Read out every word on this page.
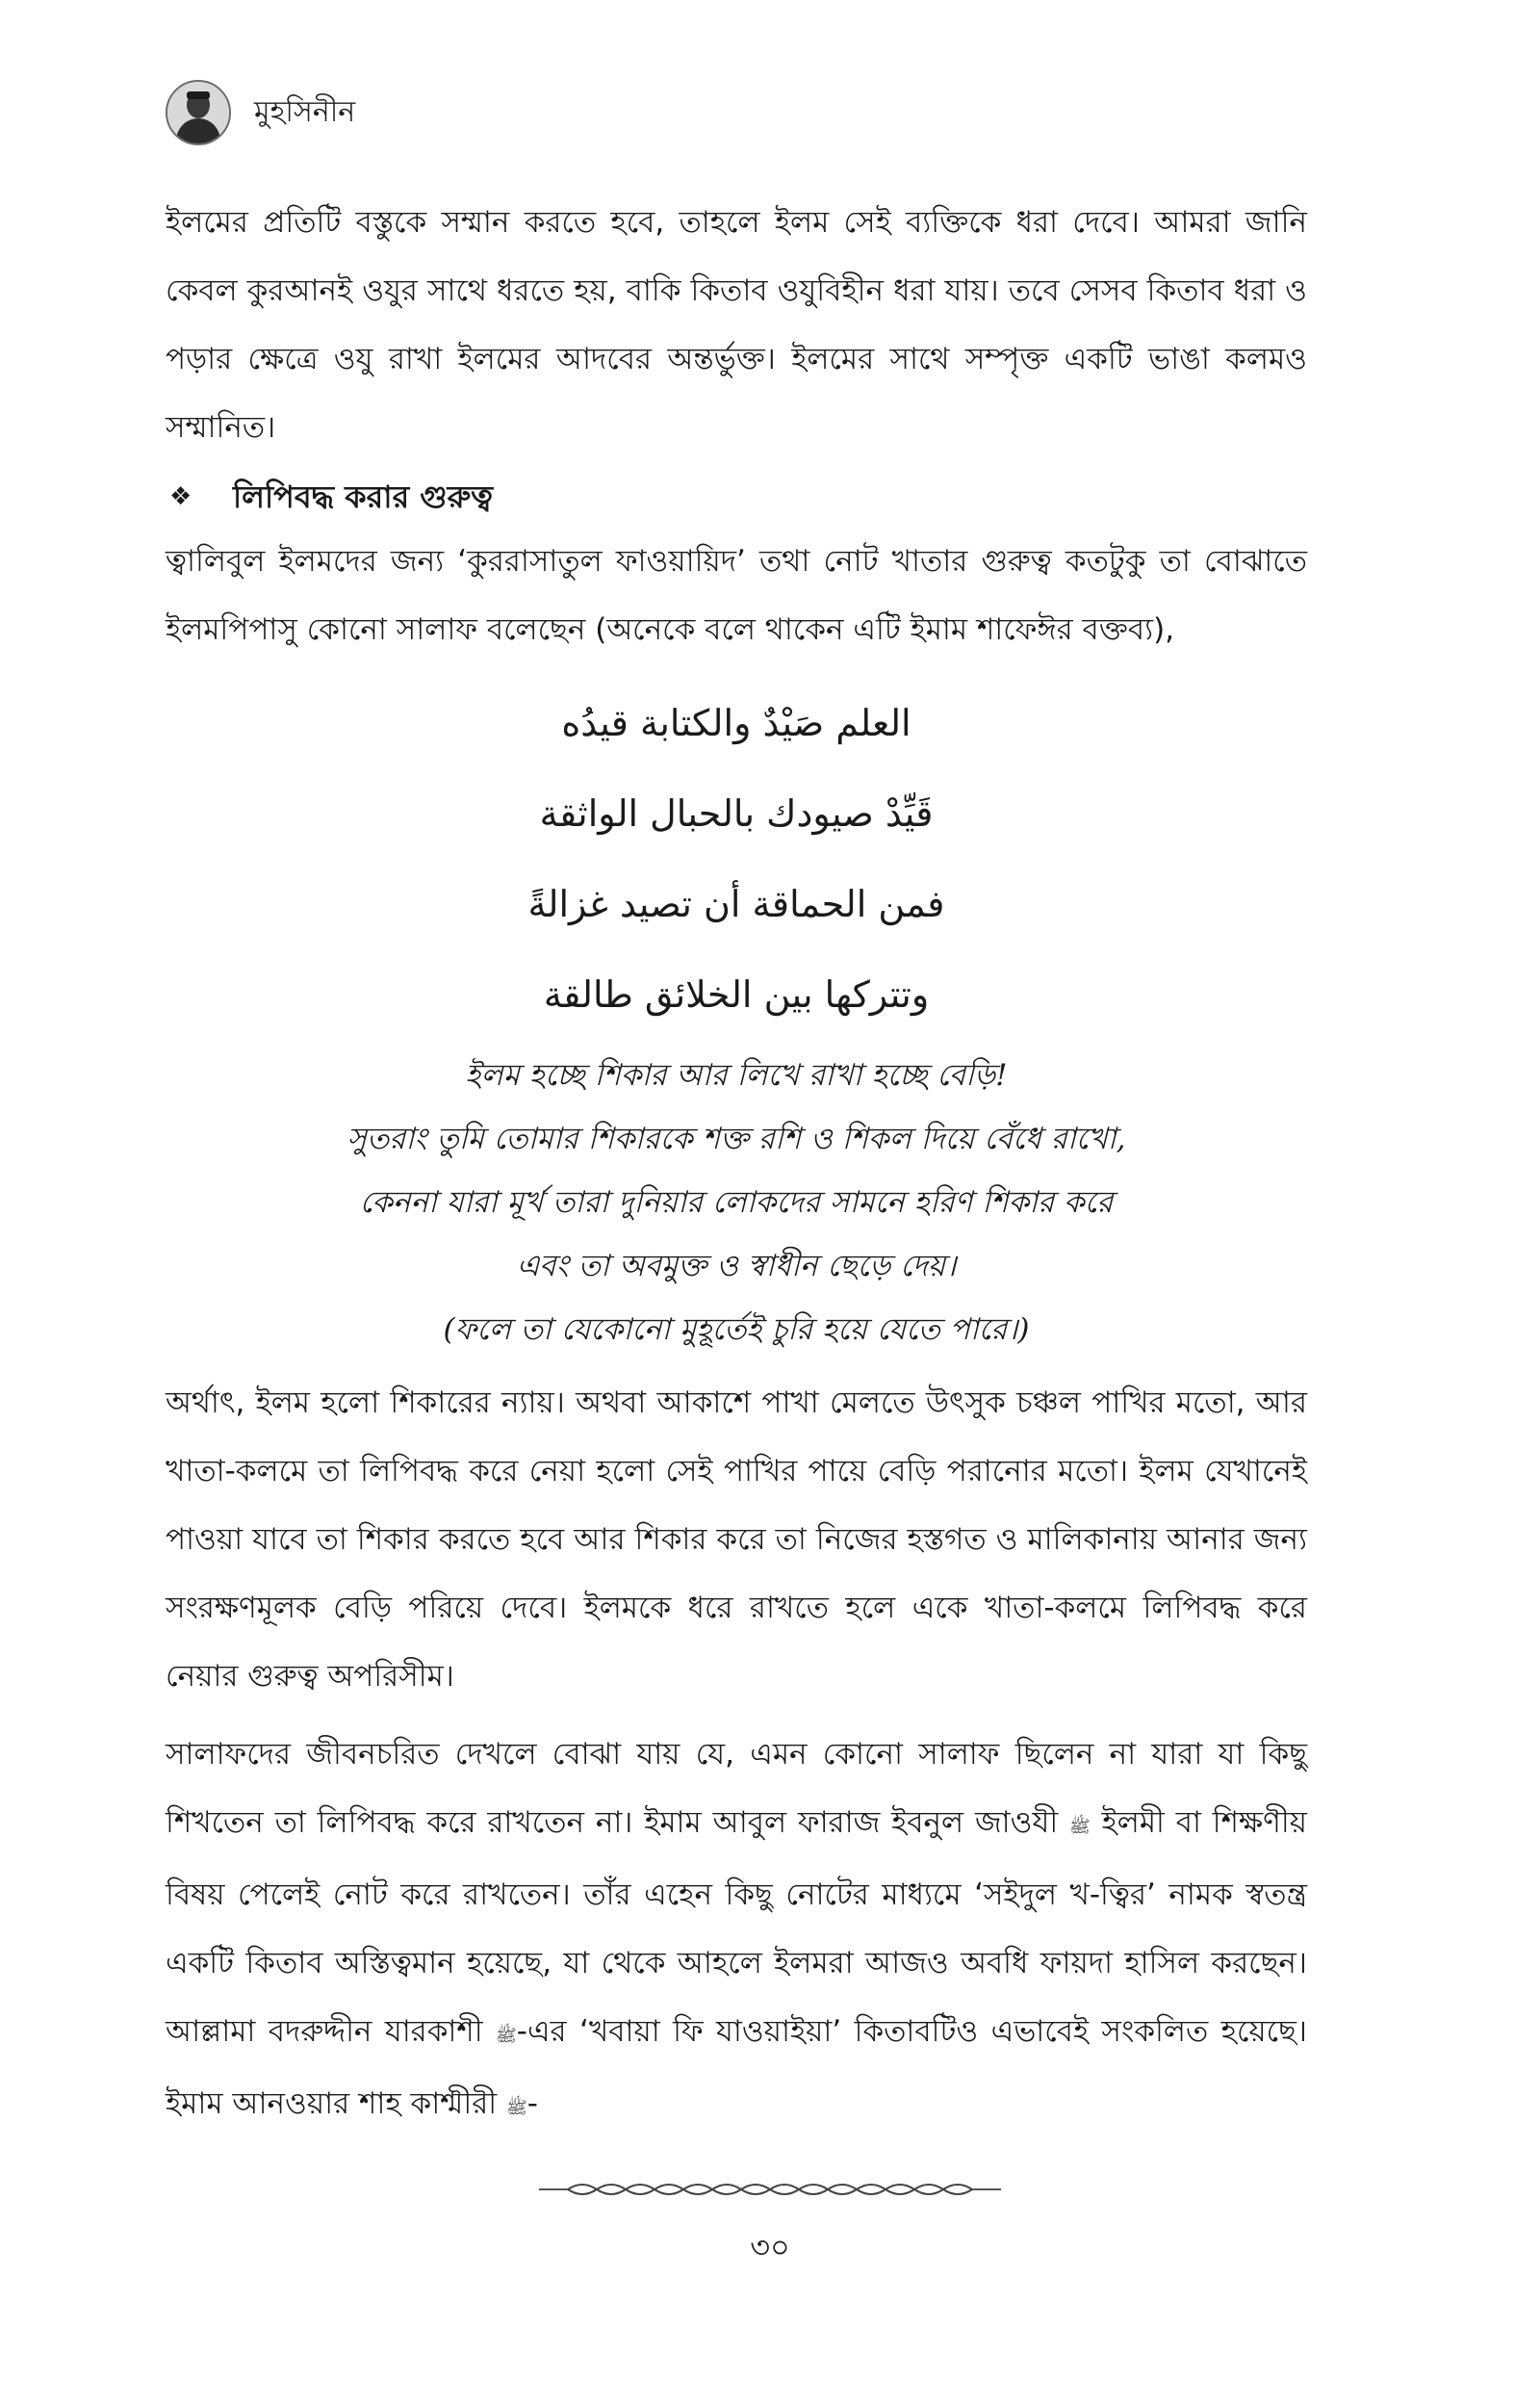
মুহসিনীন

ইলমের প্রতিটি বস্তুকে সম্মান করতে হবে, তাহলে ইলম সেই ব্যক্তিকে ধরা দেবে। আমরা জানি কেবল কুরআনই ওযুর সাথে ধরতে হয়, বাকি কিতাব ওযুবিহীন ধরা যায়। তবে সেসব কিতাব ধরা ও পড়ার ক্ষেত্রে ওযু রাখা ইলমের আদবের অন্তর্ভুক্ত। ইলমের সাথে সম্পৃক্ত একটি ভাঙা কলমও সম্মানিত।

❖ লিপিবদ্ধ করার গুরুত্ব

ত্বালিবুল ইলমদের জন্য ‘কুররাসাতুল ফাওয়ায়িদ’ তথা নোট খাতার গুরুত্ব কতটুকু তা বোঝাতে ইলমপিপাসু কোনো সালাফ বলেছেন (অনেকে বলে থাকেন এটি ইমাম শাফেঈর বক্তব্য),

العلم صَيْدٌ والكتابة قيدُه
قَيِّدْ صيودك بالحبال الواثقة
فمن الحماقة أن تصيد غزالةً
وتتركها بين الخلائق طالقة
ইলম হচ্ছে শিকার আর লিখে রাখা হচ্ছে বেড়ি!
সুতরাং তুমি তোমার শিকারকে শক্ত রশি ও শিকল দিয়ে বেঁধে রাখো,
কেননা যারা মূর্খ তারা দুনিয়ার লোকদের সামনে হরিণ শিকার করে
এবং তা অবমুক্ত ও স্বাধীন ছেড়ে দেয়।
(ফলে তা যেকোনো মুহূর্তেই চুরি হয়ে যেতে পারে।)

অর্থাৎ, ইলম হলো শিকারের ন্যায়। অথবা আকাশে পাখা মেলতে উৎসুক চঞ্চল পাখির মতো, আর খাতা-কলমে তা লিপিবদ্ধ করে নেয়া হলো সেই পাখির পায়ে বেড়ি পরানোর মতো। ইলম যেখানেই পাওয়া যাবে তা শিকার করতে হবে আর শিকার করে তা নিজের হস্তগত ও মালিকানায় আনার জন্য সংরক্ষণমূলক বেড়ি পরিয়ে দেবে। ইলমকে ধরে রাখতে হলে একে খাতা-কলমে লিপিবদ্ধ করে নেয়ার গুরুত্ব অপরিসীম।

সালাফদের জীবনচরিত দেখলে বোঝা যায় যে, এমন কোনো সালাফ ছিলেন না যারা যা কিছু শিখতেন তা লিপিবদ্ধ করে রাখতেন না। ইমাম আবুল ফারাজ ইবনুল জাওযী ﷺ ইলমী বা শিক্ষণীয় বিষয় পেলেই নোট করে রাখতেন। তাঁর এহেন কিছু নোটের মাধ্যমে ‘সইদুল খ-ত্বির’ নামক স্বতন্ত্র একটি কিতাব অস্তিত্বমান হয়েছে, যা থেকে আহলে ইলমরা আজও অবধি ফায়দা হাসিল করছেন। আল্লামা বদরুদ্দীন যারকাশী ﷺ-এর ‘খবায়া ফি যাওয়াইয়া’ কিতাবটিও এভাবেই সংকলিত হয়েছে। ইমাম আনওয়ার শাহ কাশ্মীরী ﷺ-

৩০
